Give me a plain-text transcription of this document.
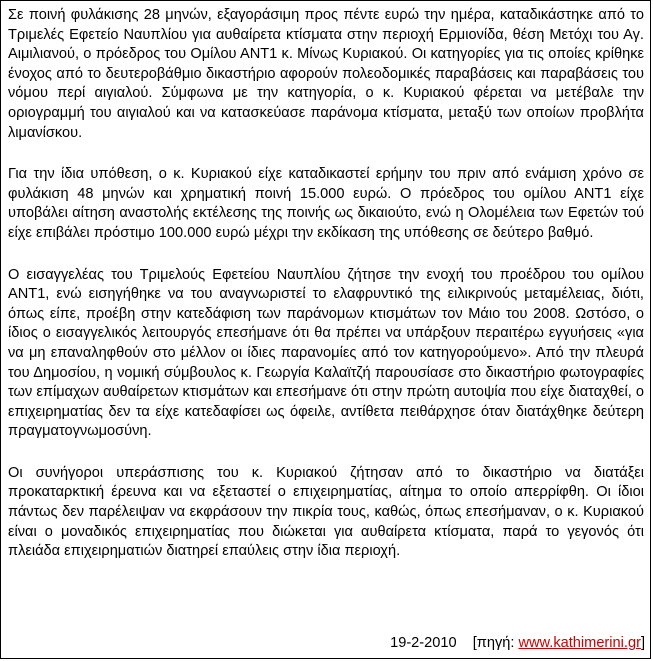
Σε ποινή φυλάκισης 28 μηνών, εξαγοράσιμη προς πέντε ευρώ την ημέρα, καταδικάστηκε από το Τριμελές Εφετείο Ναυπλίου για αυθαίρετα κτίσματα στην περιοχή Ερμιονίδα, θέση Μετόχι του Αγ. Αιμιλιανού, ο πρόεδρος του Ομίλου ΑΝΤ1 κ. Μίνως Κυριακού. Οι κατηγορίες για τις οποίες κρίθηκε ένοχος από το δευτεροβάθμιο δικαστήριο αφορούν πολεοδομικές παραβάσεις και παραβάσεις του νόμου περί αιγιαλού. Σύμφωνα με την κατηγορία, ο κ. Κυριακού φέρεται να μετέβαλε την οριογραμμή του αιγιαλού και να κατασκεύασε παράνομα κτίσματα, μεταξύ των οποίων προβλήτα λιμανίσκου.

Για την ίδια υπόθεση, ο κ. Κυριακού είχε καταδικαστεί ερήμην του πριν από ενάμιση χρόνο σε φυλάκιση 48 μηνών και χρηματική ποινή 15.000 ευρώ. Ο πρόεδρος του ομίλου ΑΝΤ1 είχε υποβάλει αίτηση αναστολής εκτέλεσης της ποινής ως δικαιούτο, ενώ η Ολομέλεια των Εφετών τού είχε επιβάλει πρόστιμο 100.000 ευρώ μέχρι την εκδίκαση της υπόθεσης σε δεύτερο βαθμό.

Ο εισαγγελέας του Τριμελούς Εφετείου Ναυπλίου ζήτησε την ενοχή του προέδρου του ομίλου ΑΝΤ1, ενώ εισηγήθηκε να του αναγνωριστεί το ελαφρυντικό της ειλικρινούς μεταμέλειας, διότι, όπως είπε, προέβη στην κατεδάφιση των παράνομων κτισμάτων τον Μάιο του 2008. Ωστόσο, ο ίδιος ο εισαγγελικός λειτουργός επεσήμανε ότι θα πρέπει να υπάρξουν περαιτέρω εγγυήσεις «για να μη επαναληφθούν στο μέλλον οι ίδιες παρανομίες από τον κατηγορούμενο». Από την πλευρά του Δημοσίου, η νομική σύμβουλος κ. Γεωργία Καλαϊτζή παρουσίασε στο δικαστήριο φωτογραφίες των επίμαχων αυθαίρετων κτισμάτων και επεσήμανε ότι στην πρώτη αυτοψία που είχε διαταχθεί, ο επιχειρηματίας δεν τα είχε κατεδαφίσει ως όφειλε, αντίθετα πειθάρχησε όταν διατάχθηκε δεύτερη πραγματογνωμοσύνη.

Οι συνήγοροι υπεράσπισης του κ. Κυριακού ζήτησαν από το δικαστήριο να διατάξει προκαταρκτική έρευνα και να εξεταστεί ο επιχειρηματίας, αίτημα το οποίο απερρίφθη. Οι ίδιοι πάντως δεν παρέλειψαν να εκφράσουν την πικρία τους, καθώς, όπως επεσήμαναν, ο κ. Κυριακού είναι ο μοναδικός επιχειρηματίας που διώκεται για αυθαίρετα κτίσματα, παρά το γεγονός ότι πλειάδα επιχειρηματιών διατηρεί επαύλεις στην ίδια περιοχή.

19-2-2010 [πηγή: www.kathimerini.gr]
